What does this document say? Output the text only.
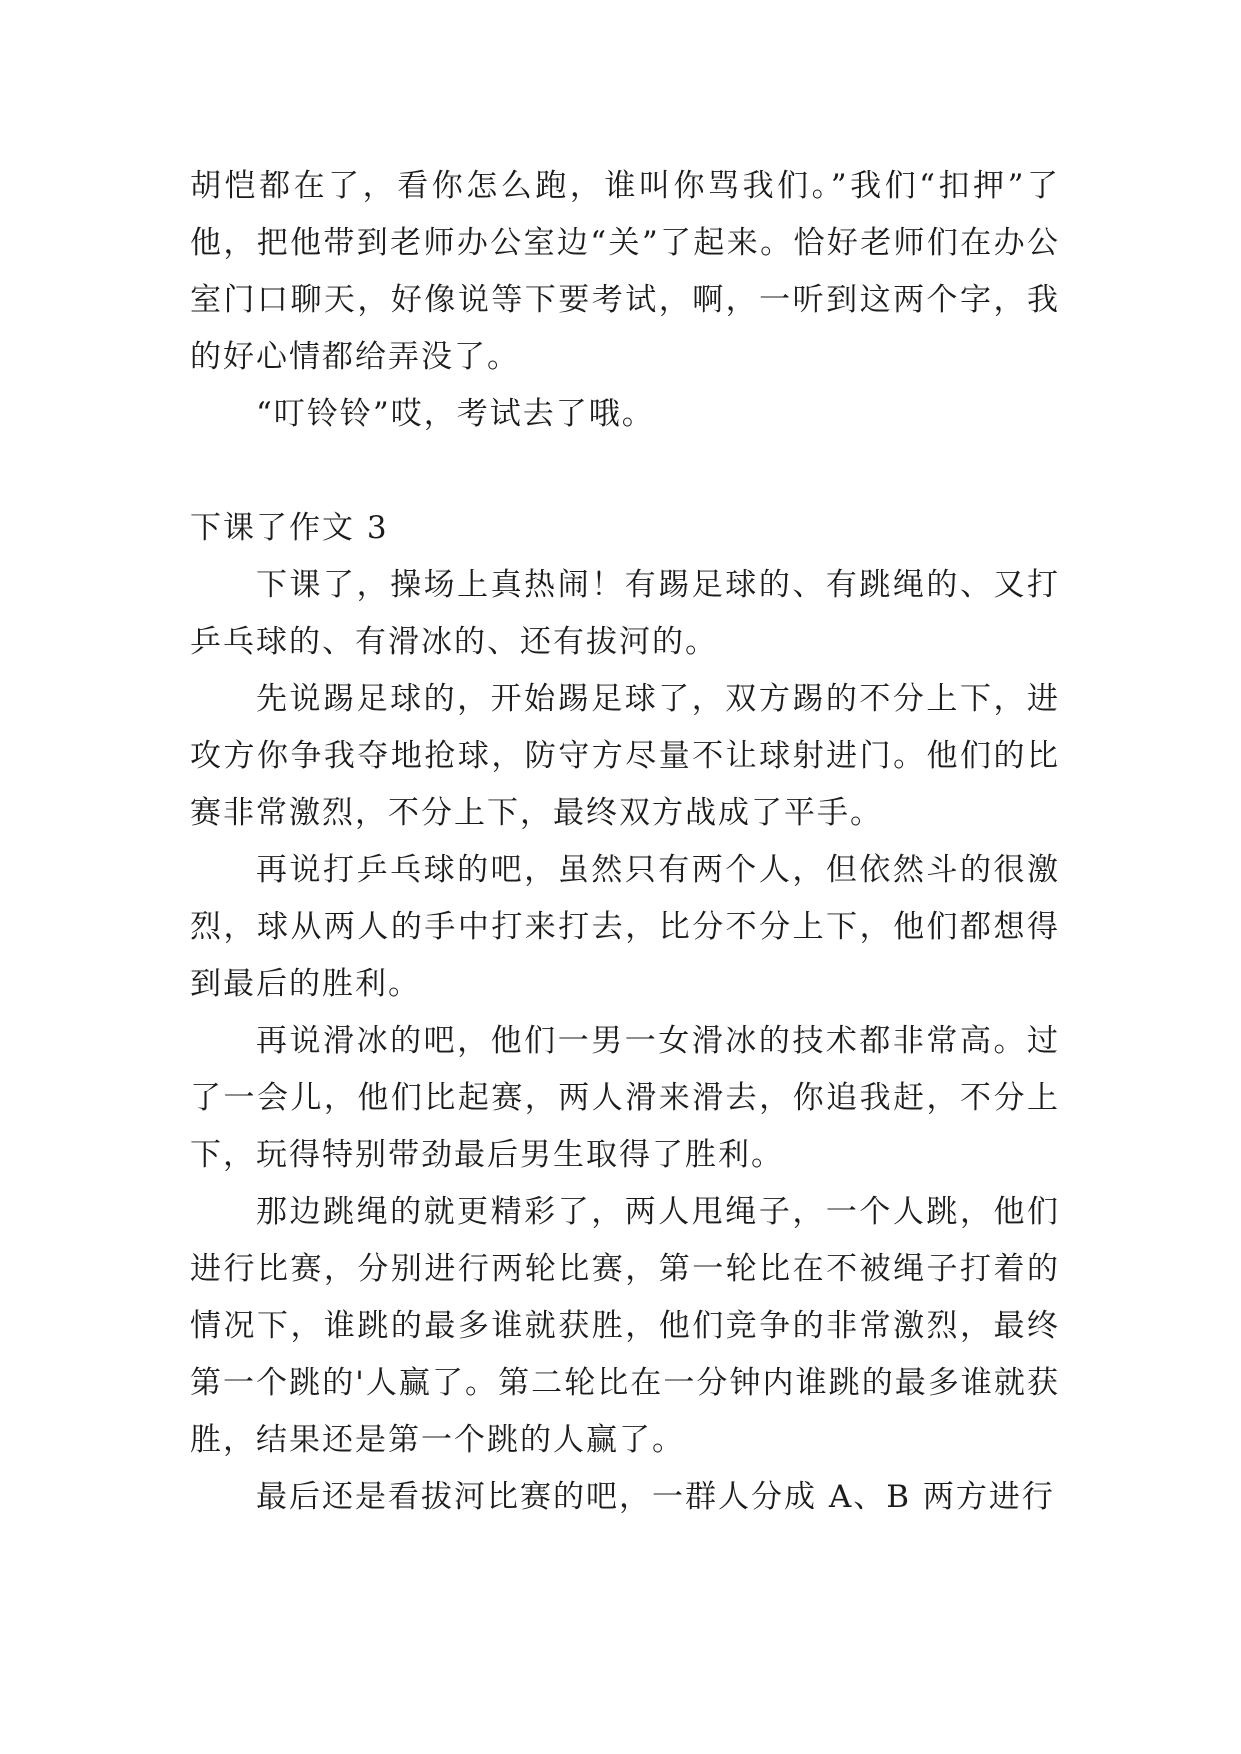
胡恺都在了，看你怎么跑，谁叫你骂我们。”我们“扣押”了他，把他带到老师办公室边“关”了起来。恰好老师们在办公室门口聊天，好像说等下要考试，啊，一听到这两个字，我的好心情都给弄没了。

“叮铃铃”哎，考试去了哦。

下课了作文 3

下课了，操场上真热闹！有踢足球的、有跳绳的、又打乒乓球的、有滑冰的、还有拔河的。

先说踢足球的，开始踢足球了，双方踢的不分上下，进攻方你争我夺地抢球，防守方尽量不让球射进门。他们的比赛非常激烈，不分上下，最终双方战成了平手。

再说打乒乓球的吧，虽然只有两个人，但依然斗的很激烈，球从两人的手中打来打去，比分不分上下，他们都想得到最后的胜利。

再说滑冰的吧，他们一男一女滑冰的技术都非常高。过了一会儿，他们比起赛，两人滑来滑去，你追我赶，不分上下，玩得特别带劲最后男生取得了胜利。

那边跳绳的就更精彩了，两人甩绳子，一个人跳，他们进行比赛，分别进行两轮比赛，第一轮比在不被绳子打着的情况下，谁跳的最多谁就获胜，他们竞争的非常激烈，最终第一个跳的'人赢了。第二轮比在一分钟内谁跳的最多谁就获胜，结果还是第一个跳的人赢了。

最后还是看拔河比赛的吧，一群人分成 A、B 两方进行
